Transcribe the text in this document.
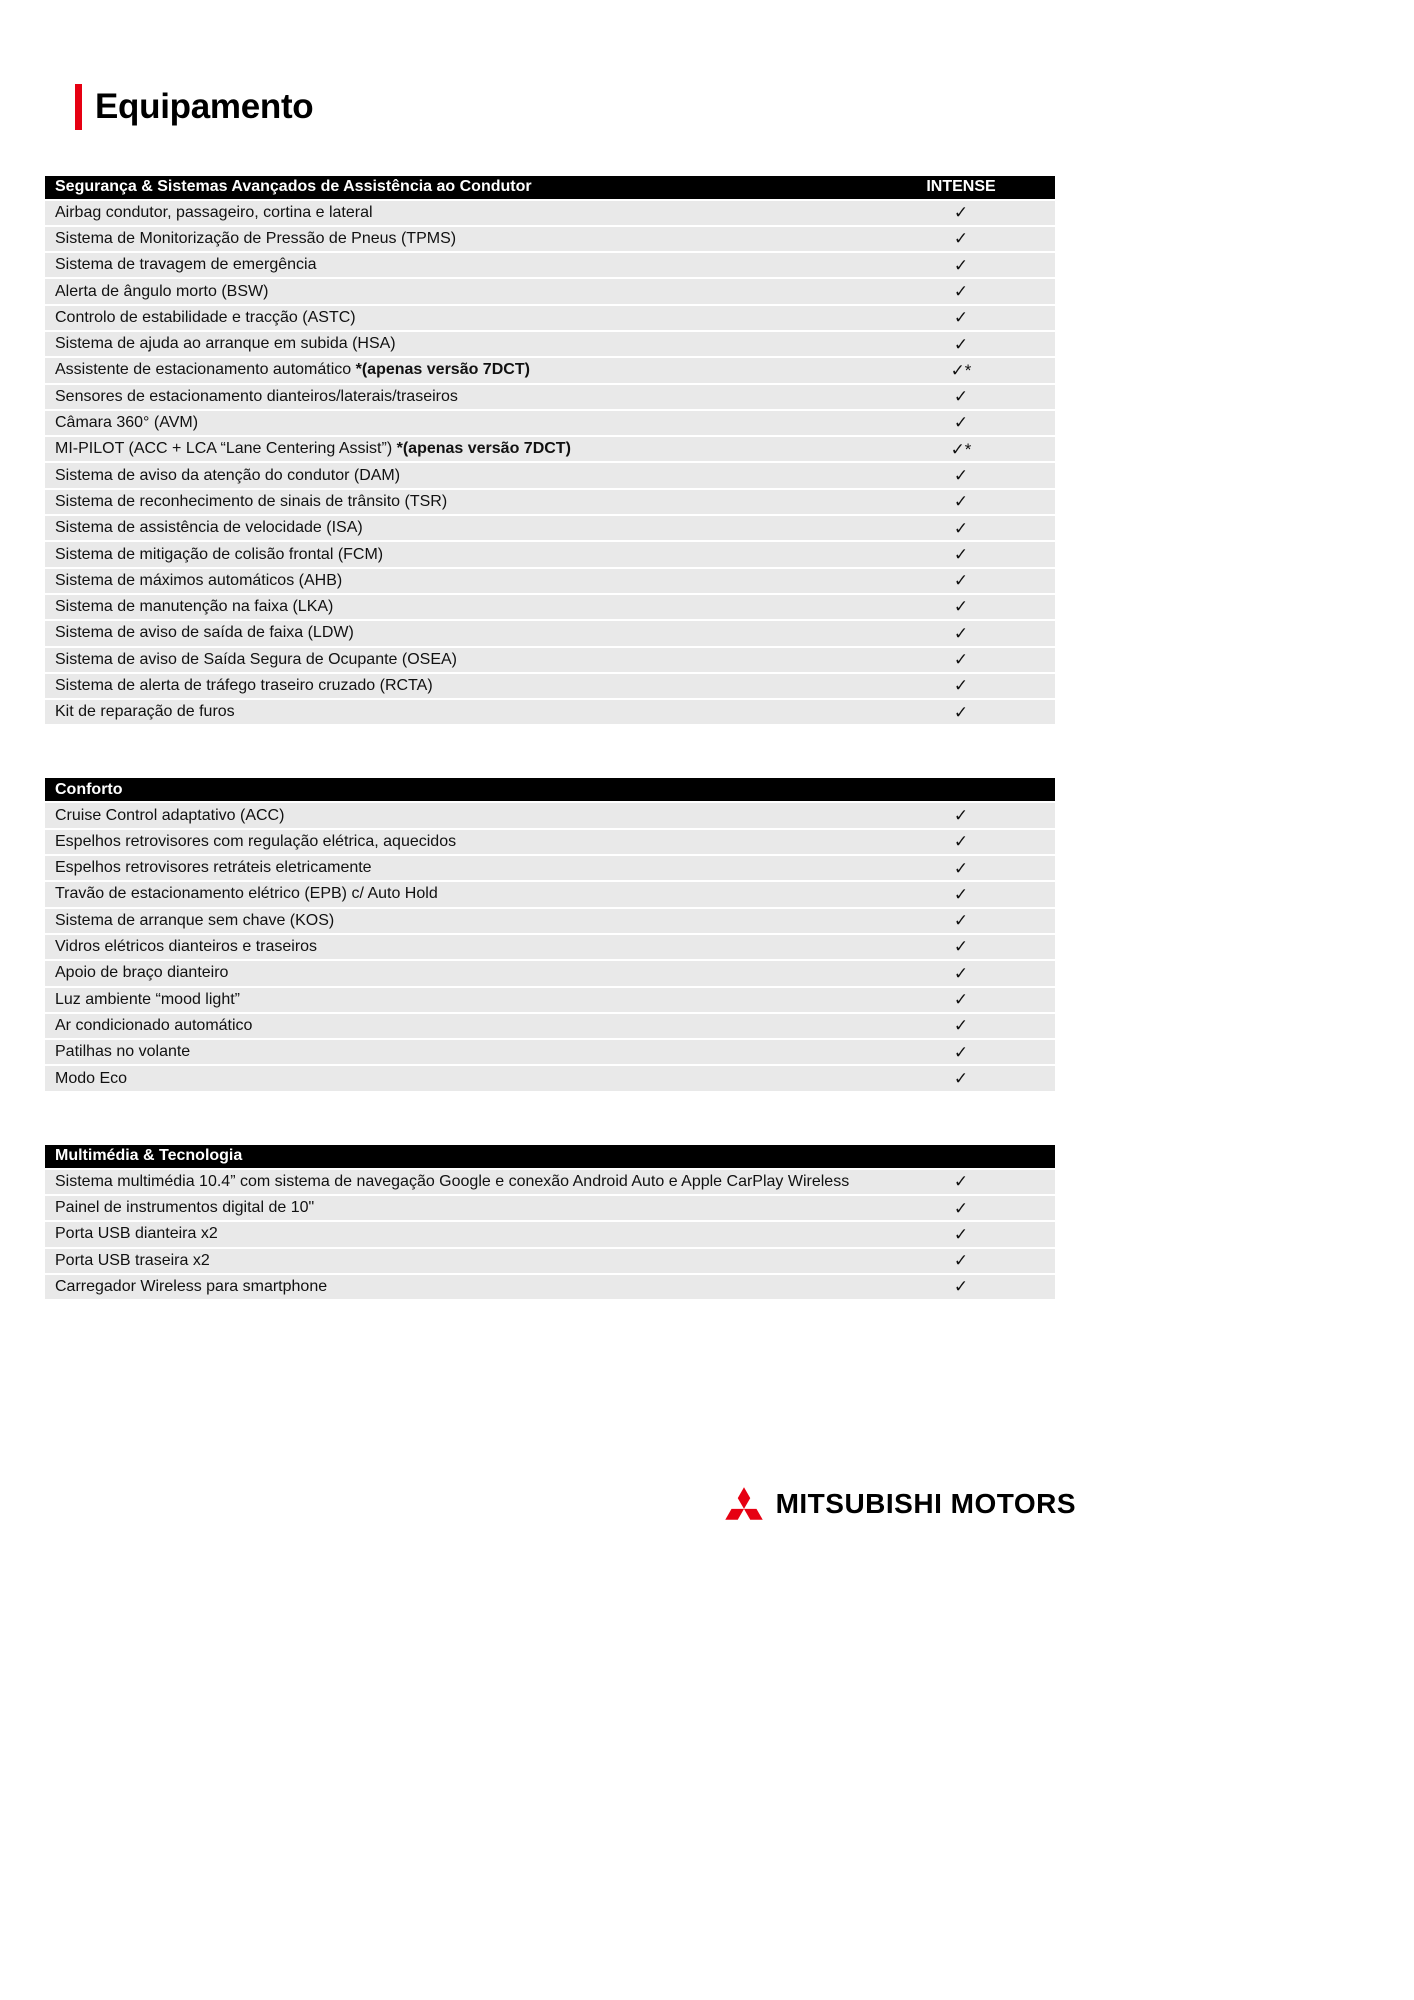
Equipamento
Segurança & Sistemas Avançados de Assistência ao Condutor	INTENSE
Airbag condutor, passageiro, cortina e lateral	✓
Sistema de Monitorização de Pressão de Pneus (TPMS)	✓
Sistema de travagem de emergência	✓
Alerta de ângulo morto (BSW)	✓
Controlo de estabilidade e tracção (ASTC)	✓
Sistema de ajuda ao arranque em subida (HSA)	✓
Assistente de estacionamento automático *(apenas versão 7DCT)	✓*
Sensores de estacionamento dianteiros/laterais/traseiros	✓
Câmara 360° (AVM)	✓
MI-PILOT (ACC + LCA “Lane Centering Assist”) *(apenas versão 7DCT)	✓*
Sistema de aviso da atenção do condutor (DAM)	✓
Sistema de reconhecimento de sinais de trânsito (TSR)	✓
Sistema de assistência de velocidade (ISA)	✓
Sistema de mitigação de colisão frontal (FCM)	✓
Sistema de máximos automáticos (AHB)	✓
Sistema de manutenção na faixa (LKA)	✓
Sistema de aviso de saída de faixa (LDW)	✓
Sistema de aviso de Saída Segura de Ocupante (OSEA)	✓
Sistema de alerta de tráfego traseiro cruzado (RCTA)	✓
Kit de reparação de furos	✓
Conforto
Cruise Control adaptativo (ACC)	✓
Espelhos retrovisores com regulação elétrica, aquecidos	✓
Espelhos retrovisores retráteis eletricamente	✓
Travão de estacionamento elétrico (EPB) c/ Auto Hold	✓
Sistema de arranque sem chave (KOS)	✓
Vidros elétricos dianteiros e traseiros	✓
Apoio de braço dianteiro	✓
Luz ambiente “mood light”	✓
Ar condicionado automático	✓
Patilhas no volante	✓
Modo Eco	✓
Multimédia & Tecnologia
Sistema multimédia 10.4” com sistema de navegação Google e conexão Android Auto e Apple CarPlay Wireless	✓
Painel de instrumentos digital de 10"	✓
Porta USB dianteira x2	✓
Porta USB traseira x2	✓
Carregador Wireless para smartphone	✓
MITSUBISHI MOTORS
